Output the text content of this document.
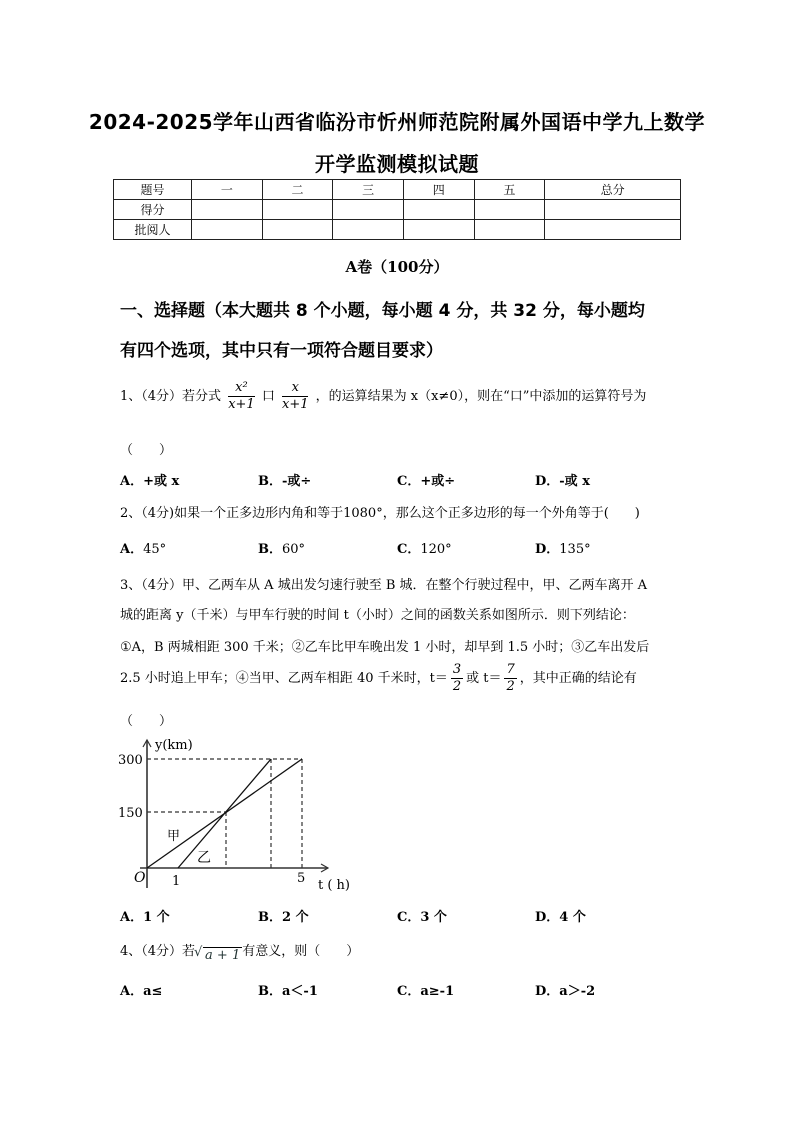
2024-2025学年山西省临汾市忻州师范院附属外国语中学九上数学
开学监测模拟试题
题号	一	二	三	四	五	总分
得分						
批阅人						
A卷（100分）
一、选择题（本大题共 8 个小题，每小题 4 分，共 32 分，每小题均
有四个选项，其中只有一项符合题目要求）
1、（4分）若分式 $\frac{\text{x²}}{x+1}$ 口 $\frac{x}{x+1}$ ，的运算结果为 x（x≠0），则在“口”中添加的运算符号为
（　　）
A．+或 x	B．-或÷	C．+或÷	D．-或 x
2、（4分)如果一个正多边形内角和等于1080°，那么这个正多边形的每一个外角等于(　　)
A．45°	B．60°	C．120°	D．135°
3、（4分）甲、乙两车从 A 城出发匀速行驶至 B 城．在整个行驶过程中，甲、乙两车离开 A
城的距离 y（千米）与甲车行驶的时间 t（小时）之间的函数关系如图所示．则下列结论：
①A，B 两城相距 300 千米；②乙车比甲车晚出发 1 小时，却早到 1.5 小时；③乙车出发后
2.5 小时追上甲车；④当甲、乙两车相距 40 千米时，$t= \frac{3}{2}$ 或 $t= \frac{7}{2}$ ，其中正确的结论有
（　　）
y(km)
300
150
O 1	5 t ( h)
甲
乙
A．1 个	B．2 个	C．3 个	D．4 个
4、（4分）若 √ a + 1 有意义，则（　　）
A．a≤	B．a＜-1	C．a≥-1	D．a＞-2
